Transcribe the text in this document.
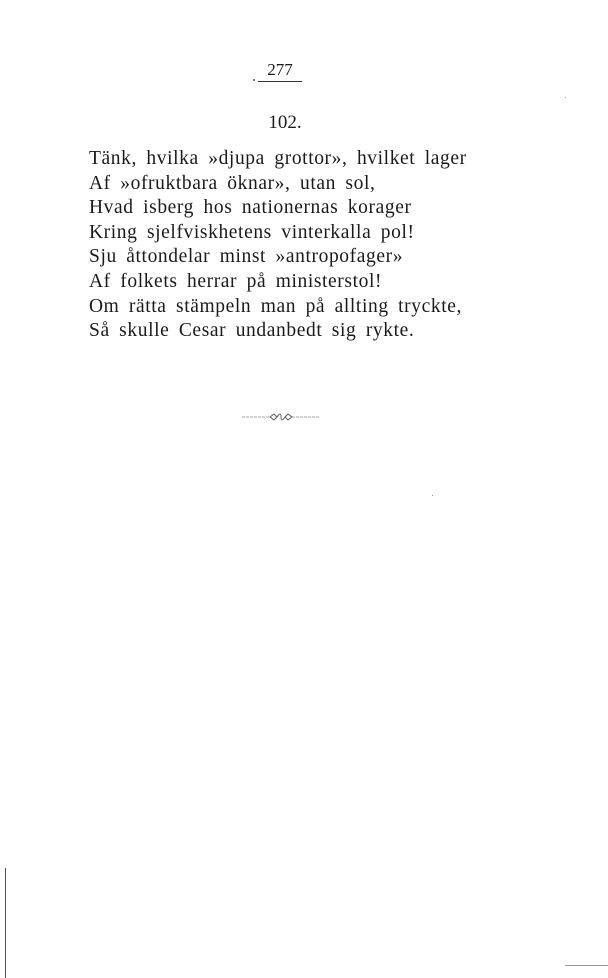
277
102.
Tänk, hvilka »djupa grottor», hvilket lager
Af »ofruktbara öknar», utan sol,
Hvad isberg hos nationernas korager
Kring sjelfviskhetens vinterkalla pol!
Sju åttondelar minst »antropofager»
Af folkets herrar på ministerstol!
Om rätta stämpeln man på allting tryckte,
Så skulle Cesar undanbedt sig rykte.
